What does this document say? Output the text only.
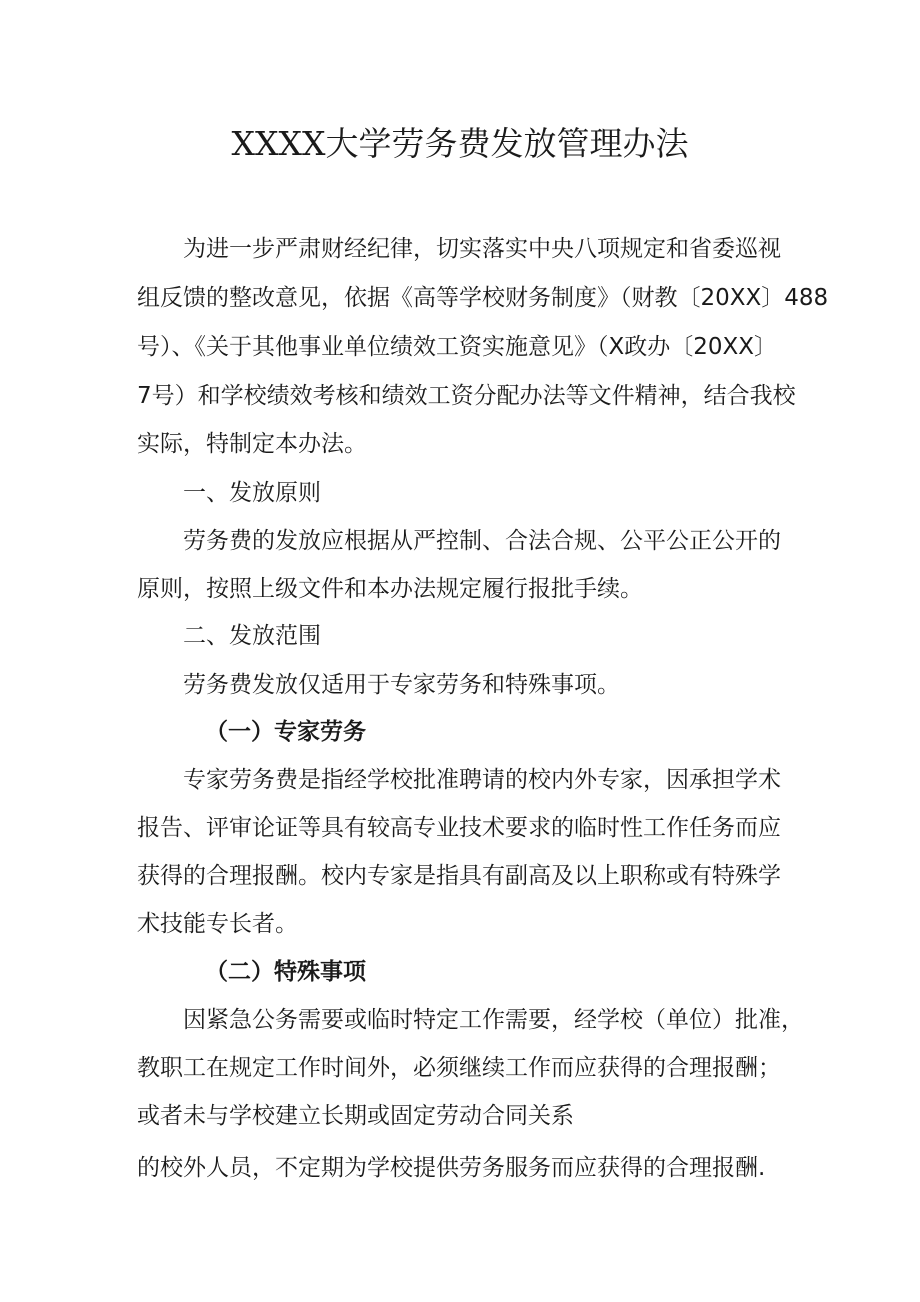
XXXX大学劳务费发放管理办法

为进一步严肃财经纪律，切实落实中央八项规定和省委巡视

组反馈的整改意见，依据《高等学校财务制度》（财教〔20XX〕488

号）、《关于其他事业单位绩效工资实施意见》（X政办〔20XX〕

7号）和学校绩效考核和绩效工资分配办法等文件精神，结合我校

实际，特制定本办法。

一、发放原则

劳务费的发放应根据从严控制、合法合规、公平公正公开的

原则，按照上级文件和本办法规定履行报批手续。

二、发放范围

劳务费发放仅适用于专家劳务和特殊事项。

（一）专家劳务

专家劳务费是指经学校批准聘请的校内外专家，因承担学术

报告、评审论证等具有较高专业技术要求的临时性工作任务而应

获得的合理报酬。校内专家是指具有副高及以上职称或有特殊学

术技能专长者。

（二）特殊事项

因紧急公务需要或临时特定工作需要，经学校（单位）批准，

教职工在规定工作时间外，必须继续工作而应获得的合理报酬；

或者未与学校建立长期或固定劳动合同关系

的校外人员，不定期为学校提供劳务服务而应获得的合理报酬.
